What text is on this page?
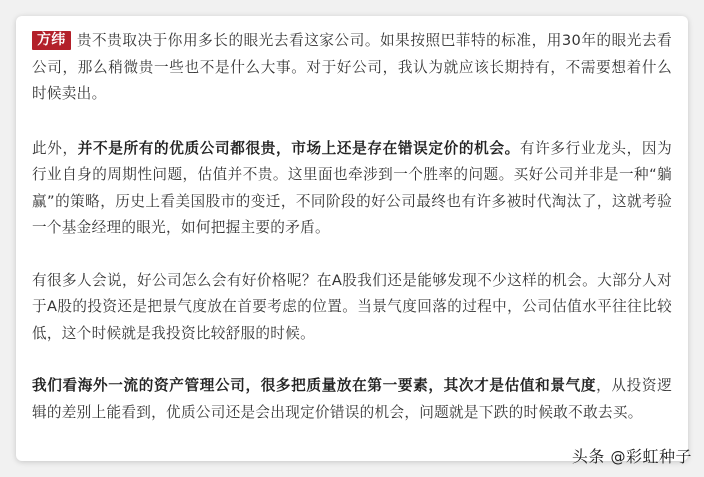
方纬 贵不贵取决于你用多长的眼光去看这家公司。如果按照巴菲特的标准，用30年的眼光去看公司，那么稍微贵一些也不是什么大事。对于好公司，我认为就应该长期持有，不需要想着什么时候卖出。

此外，并不是所有的优质公司都很贵，市场上还是存在错误定价的机会。有许多行业龙头，因为行业自身的周期性问题，估值并不贵。这里面也牵涉到一个胜率的问题。买好公司并非是一种“躺赢”的策略，历史上看美国股市的变迁，不同阶段的好公司最终也有许多被时代淘汰了，这就考验一个基金经理的眼光，如何把握主要的矛盾。

有很多人会说，好公司怎么会有好价格呢？在A股我们还是能够发现不少这样的机会。大部分人对于A股的投资还是把景气度放在首要考虑的位置。当景气度回落的过程中，公司估值水平往往比较低，这个时候就是我投资比较舒服的时候。

我们看海外一流的资产管理公司，很多把质量放在第一要素，其次才是估值和景气度，从投资逻辑的差别上能看到，优质公司还是会出现定价错误的机会，问题就是下跌的时候敢不敢去买。

头条 @彩虹种子
